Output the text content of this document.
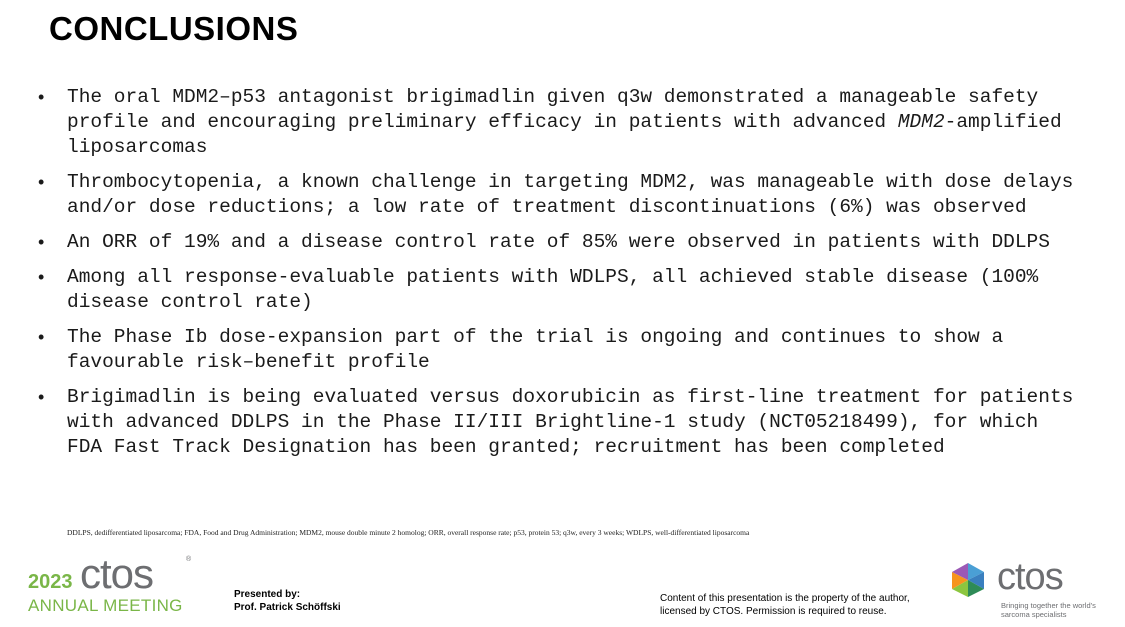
CONCLUSIONS
• The oral MDM2–p53 antagonist brigimadlin given q3w demonstrated a manageable safety profile and encouraging preliminary efficacy in patients with advanced MDM2-amplified liposarcomas
• Thrombocytopenia, a known challenge in targeting MDM2, was manageable with dose delays and/or dose reductions; a low rate of treatment discontinuations (6%) was observed
• An ORR of 19% and a disease control rate of 85% were observed in patients with DDLPS
• Among all response-evaluable patients with WDLPS, all achieved stable disease (100% disease control rate)
• The Phase Ib dose-expansion part of the trial is ongoing and continues to show a favourable risk–benefit profile
• Brigimadlin is being evaluated versus doxorubicin as first-line treatment for patients with advanced DDLPS in the Phase II/III Brightline-1 study (NCT05218499), for which FDA Fast Track Designation has been granted; recruitment has been completed
DDLPS, dedifferentiated liposarcoma; FDA, Food and Drug Administration; MDM2, mouse double minute 2 homolog; ORR, overall response rate; p53, protein 53; q3w, every 3 weeks; WDLPS, well-differentiated liposarcoma
2023 ctos	®
ANNUAL MEETING
Presented by:
Prof. Patrick Schöffski
Content of this presentation is the property of the author, licensed by CTOS. Permission is required to reuse.
ctos
Bringing together the world's sarcoma specialists
